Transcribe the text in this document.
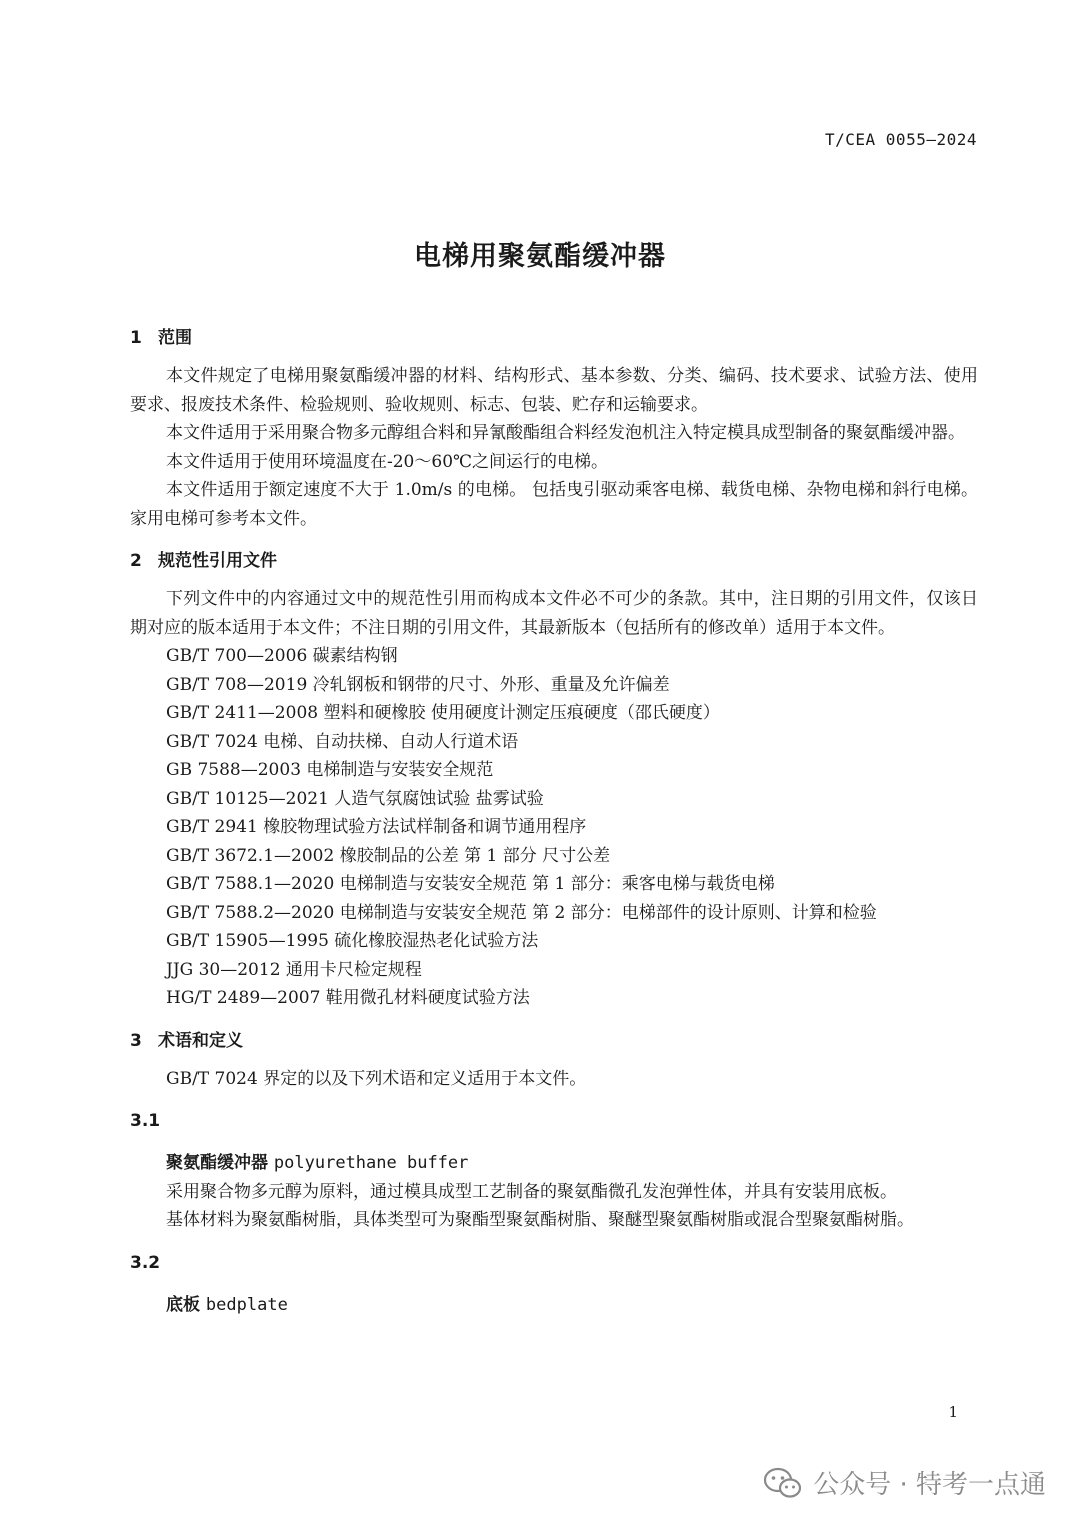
T/CEA 0055—2024
电梯用聚氨酯缓冲器
1 范围

本文件规定了电梯用聚氨酯缓冲器的材料、结构形式、基本参数、分类、编码、技术要求、试验方法、使用要求、报废技术条件、检验规则、验收规则、标志、包装、贮存和运输要求。

本文件适用于采用聚合物多元醇组合料和异氰酸酯组合料经发泡机注入特定模具成型制备的聚氨酯缓冲器。

本文件适用于使用环境温度在-20～60℃之间运行的电梯。

本文件适用于额定速度不大于 1.0m/s 的电梯。 包括曳引驱动乘客电梯、载货电梯、杂物电梯和斜行电梯。家用电梯可参考本文件。

2 规范性引用文件

下列文件中的内容通过文中的规范性引用而构成本文件必不可少的条款。其中，注日期的引用文件，仅该日期对应的版本适用于本文件；不注日期的引用文件，其最新版本（包括所有的修改单）适用于本文件。

GB/T 700—2006 碳素结构钢
GB/T 708—2019 冷轧钢板和钢带的尺寸、外形、重量及允许偏差
GB/T 2411—2008 塑料和硬橡胶 使用硬度计测定压痕硬度（邵氏硬度）
GB/T 7024 电梯、自动扶梯、自动人行道术语
GB 7588—2003 电梯制造与安装安全规范
GB/T 10125—2021 人造气氛腐蚀试验 盐雾试验
GB/T 2941 橡胶物理试验方法试样制备和调节通用程序
GB/T 3672.1—2002 橡胶制品的公差 第 1 部分 尺寸公差
GB/T 7588.1—2020 电梯制造与安装安全规范 第 1 部分：乘客电梯与载货电梯
GB/T 7588.2—2020 电梯制造与安装安全规范 第 2 部分：电梯部件的设计原则、计算和检验
GB/T 15905—1995 硫化橡胶湿热老化试验方法
JJG 30—2012 通用卡尺检定规程
HG/T 2489—2007 鞋用微孔材料硬度试验方法
3 术语和定义

GB/T 7024 界定的以及下列术语和定义适用于本文件。

3.1
聚氨酯缓冲器 polyurethane buffer

采用聚合物多元醇为原料，通过模具成型工艺制备的聚氨酯微孔发泡弹性体，并具有安装用底板。

基体材料为聚氨酯树脂，具体类型可为聚酯型聚氨酯树脂、聚醚型聚氨酯树脂或混合型聚氨酯树脂。

3.2
底板 bedplate
1
公众号 · 特考一点通
